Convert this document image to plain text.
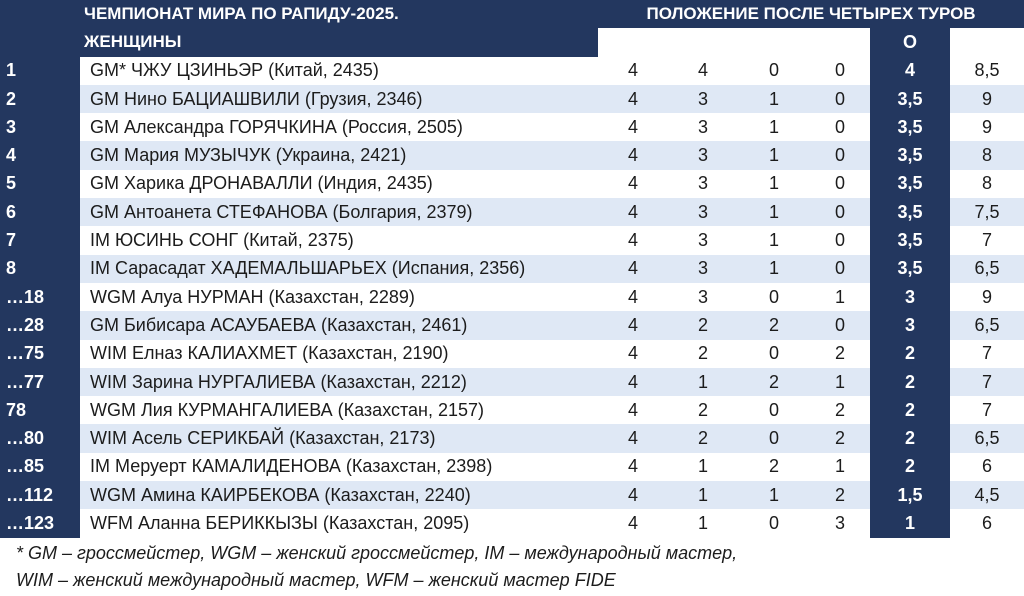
	ЧЕМПИОНАТ МИРА ПО РАПИДУ-2025.	ПОЛОЖЕНИЕ ПОСЛЕ ЧЕТЫРЕХ ТУРОВ					
	ЖЕНЩИНЫ	И	В	Н	П	О	ДП
1	GM* ЧЖУ ЦЗИНЬЭР (Китай, 2435)	4	4	0	0	4	8,5
2	GM Нино БАЦИАШВИЛИ (Грузия, 2346)	4	3	1	0	3,5	9
3	GM Александра ГОРЯЧКИНА (Россия, 2505)	4	3	1	0	3,5	9
4	GM Мария МУЗЫЧУК (Украина, 2421)	4	3	1	0	3,5	8
5	GM Харика ДРОНАВАЛЛИ (Индия, 2435)	4	3	1	0	3,5	8
6	GM Антоанета СТЕФАНОВА (Болгария, 2379)	4	3	1	0	3,5	7,5
7	IM ЮСИНЬ СОНГ (Китай, 2375)	4	3	1	0	3,5	7
8	IM Сарасадат ХАДЕМАЛЬШАРЬЕХ (Испания, 2356)	4	3	1	0	3,5	6,5
…18	WGM Алуа НУРМАН (Казахстан, 2289)	4	3	0	1	3	9
…28	GM Бибисара АСАУБАЕВА (Казахстан, 2461)	4	2	2	0	3	6,5
…75	WIM Елназ КАЛИАХМЕТ (Казахстан, 2190)	4	2	0	2	2	7
…77	WIM Зарина НУРГАЛИЕВА (Казахстан, 2212)	4	1	2	1	2	7
78	WGM Лия КУРМАНГАЛИЕВА (Казахстан, 2157)	4	2	0	2	2	7
…80	WIM Асель СЕРИКБАЙ (Казахстан, 2173)	4	2	0	2	2	6,5
…85	IM Меруерт КАМАЛИДЕНОВА (Казахстан, 2398)	4	1	2	1	2	6
…112	WGM Амина КАИРБЕКОВА (Казахстан, 2240)	4	1	1	2	1,5	4,5
…123	WFM Аланна БЕРИККЫЗЫ (Казахстан, 2095)	4	1	0	3	1	6
* GM – гроссмейстер, WGM – женский гроссмейстер, IM – международный мастер,
WIM – женский международный мастер, WFM – женский мастер FIDE
